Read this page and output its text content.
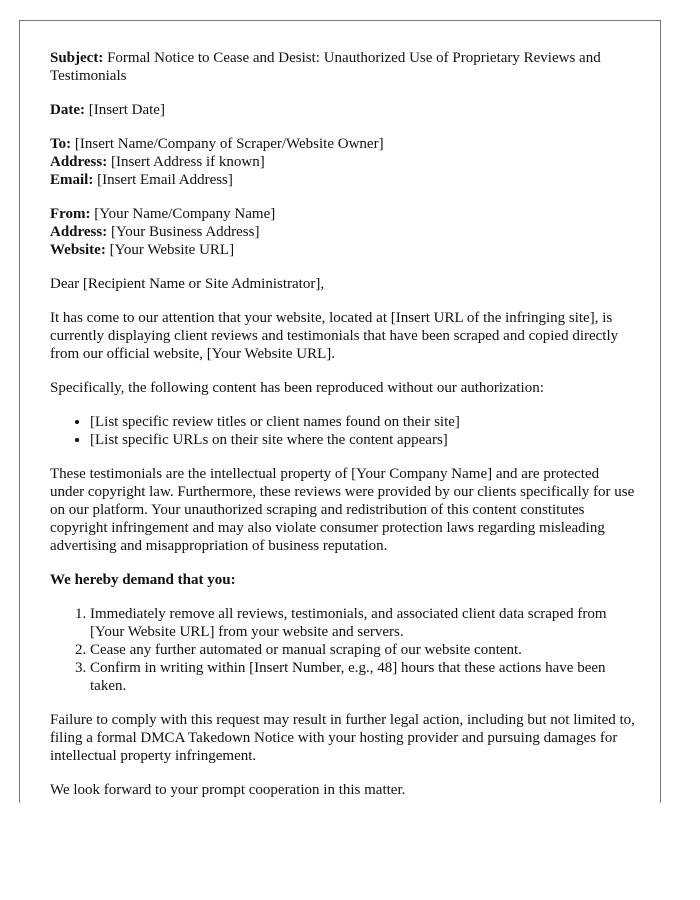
Subject: Formal Notice to Cease and Desist: Unauthorized Use of Proprietary Reviews and Testimonials

Date: [Insert Date]

To: [Insert Name/Company of Scraper/Website Owner]

Address: [Insert Address if known]

Email: [Insert Email Address]

From: [Your Name/Company Name]

Address: [Your Business Address]

Website: [Your Website URL]

Dear [Recipient Name or Site Administrator],

It has come to our attention that your website, located at [Insert URL of the infringing site], is currently displaying client reviews and testimonials that have been scraped and copied directly from our official website, [Your Website URL].

Specifically, the following content has been reproduced without our authorization:

• [List specific review titles or client names found on their site]
• [List specific URLs on their site where the content appears]

These testimonials are the intellectual property of [Your Company Name] and are protected under copyright law. Furthermore, these reviews were provided by our clients specifically for use on our platform. Your unauthorized scraping and redistribution of this content constitutes copyright infringement and may also violate consumer protection laws regarding misleading advertising and misappropriation of business reputation.

We hereby demand that you:

1. Immediately remove all reviews, testimonials, and associated client data scraped from [Your Website URL] from your website and servers.
2. Cease any further automated or manual scraping of our website content.
3. Confirm in writing within [Insert Number, e.g., 48] hours that these actions have been taken.

Failure to comply with this request may result in further legal action, including but not limited to, filing a formal DMCA Takedown Notice with your hosting provider and pursuing damages for intellectual property infringement.

We look forward to your prompt cooperation in this matter.
